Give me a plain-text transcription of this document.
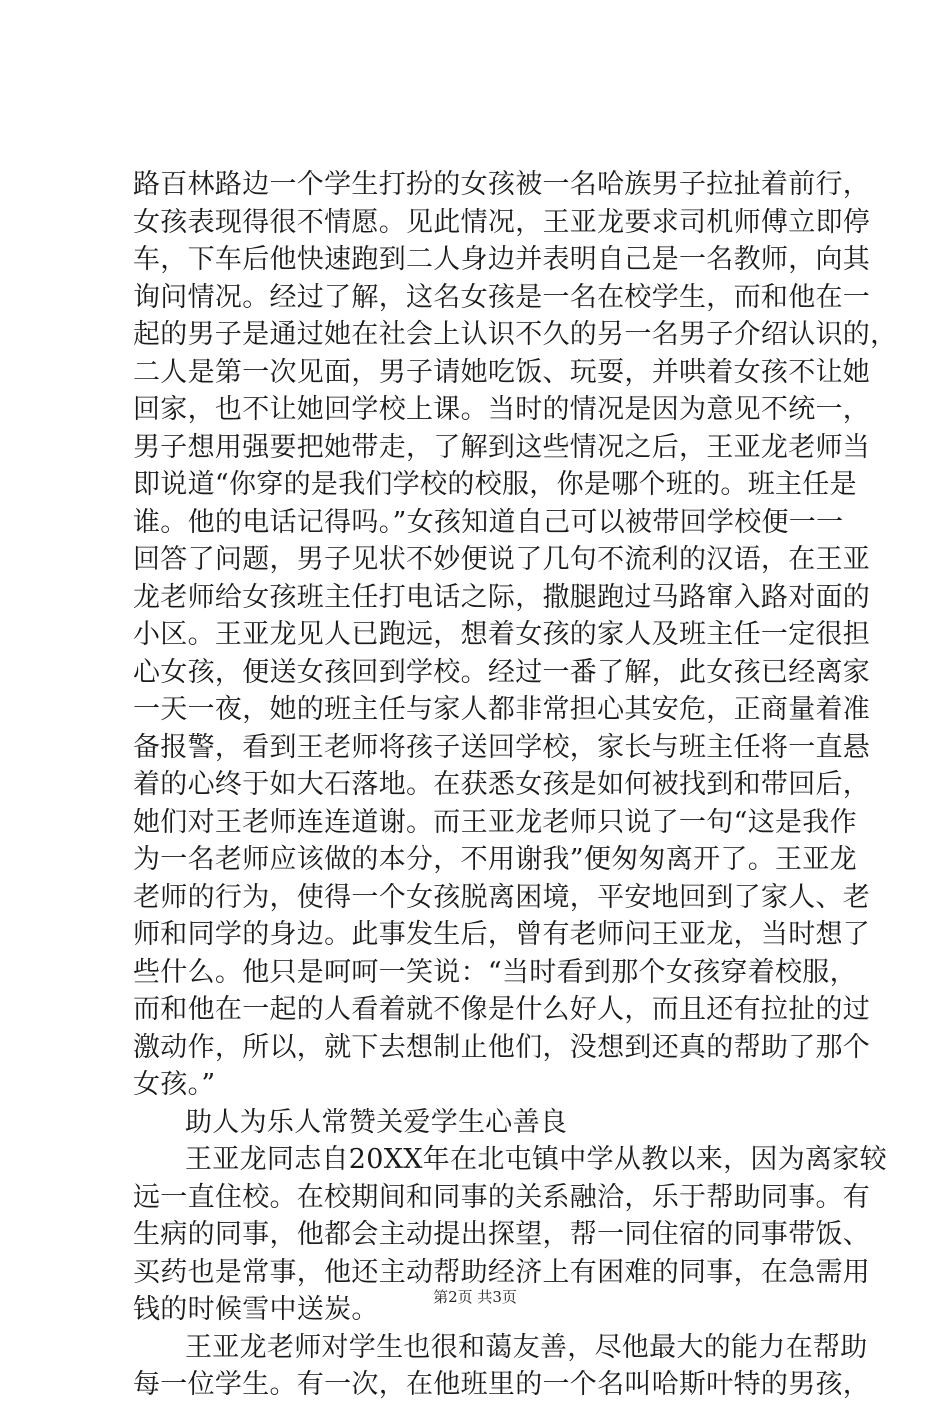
路百林路边一个学生打扮的女孩被一名哈族男子拉扯着前行，
女孩表现得很不情愿。见此情况，王亚龙要求司机师傅立即停
车，下车后他快速跑到二人身边并表明自己是一名教师，向其
询问情况。经过了解，这名女孩是一名在校学生，而和他在一
起的男子是通过她在社会上认识不久的另一名男子介绍认识的，
二人是第一次见面，男子请她吃饭、玩耍，并哄着女孩不让她
回家，也不让她回学校上课。当时的情况是因为意见不统一，
男子想用强要把她带走，了解到这些情况之后，王亚龙老师当
即说道“你穿的是我们学校的校服，你是哪个班的。班主任是
谁。他的电话记得吗。”女孩知道自己可以被带回学校便一一
回答了问题，男子见状不妙便说了几句不流利的汉语，在王亚
龙老师给女孩班主任打电话之际，撒腿跑过马路窜入路对面的
小区。王亚龙见人已跑远，想着女孩的家人及班主任一定很担
心女孩，便送女孩回到学校。经过一番了解，此女孩已经离家
一天一夜，她的班主任与家人都非常担心其安危，正商量着准
备报警，看到王老师将孩子送回学校，家长与班主任将一直悬
着的心终于如大石落地。在获悉女孩是如何被找到和带回后，
她们对王老师连连道谢。而王亚龙老师只说了一句“这是我作
为一名老师应该做的本分，不用谢我”便匆匆离开了。王亚龙
老师的行为，使得一个女孩脱离困境，平安地回到了家人、老
师和同学的身边。此事发生后，曾有老师问王亚龙，当时想了
些什么。他只是呵呵一笑说：“当时看到那个女孩穿着校服，
而和他在一起的人看着就不像是什么好人，而且还有拉扯的过
激动作，所以，就下去想制止他们，没想到还真的帮助了那个
女孩。”
助人为乐人常赞关爱学生心善良
王亚龙同志自20XX年在北屯镇中学从教以来，因为离家较
远一直住校。在校期间和同事的关系融洽，乐于帮助同事。有
生病的同事，他都会主动提出探望，帮一同住宿的同事带饭、
买药也是常事，他还主动帮助经济上有困难的同事，在急需用
钱的时候雪中送炭。
王亚龙老师对学生也很和蔼友善，尽他最大的能力在帮助
每一位学生。有一次，在他班里的一个名叫哈斯叶特的男孩，
第2页 共3页
